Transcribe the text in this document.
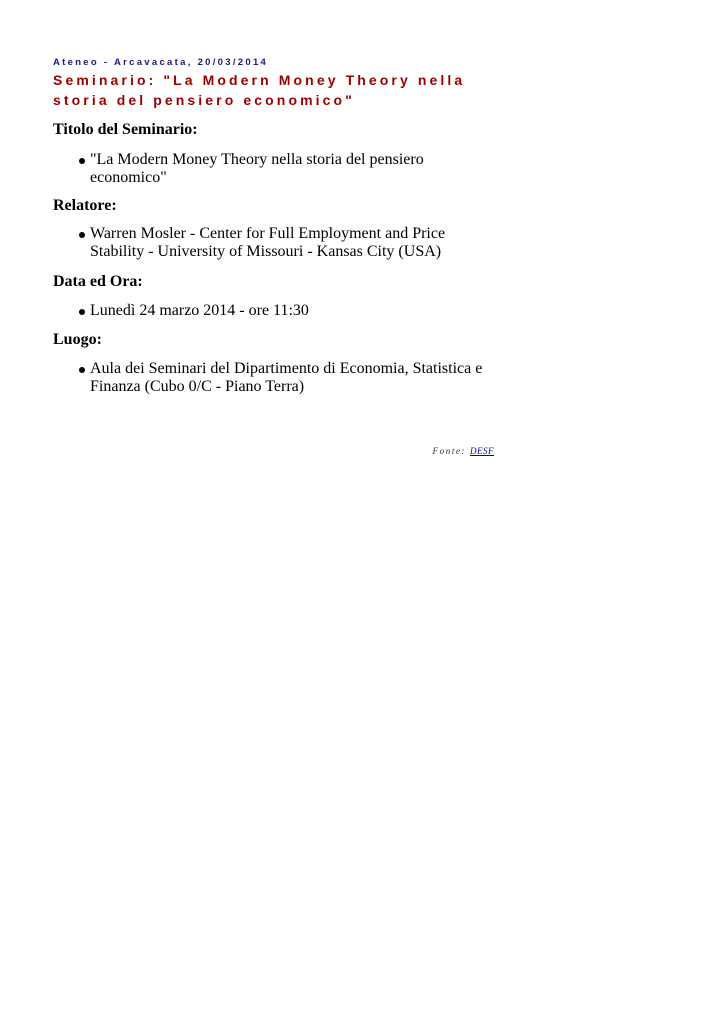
Ateneo - Arcavacata, 20/03/2014
Seminario: "La Modern Money Theory nella storia del pensiero economico"

Titolo del Seminario:

"La Modern Money Theory nella storia del pensiero economico"

Relatore:

Warren Mosler - Center for Full Employment and Price Stability - University of Missouri - Kansas City (USA)

Data ed Ora:

Lunedì 24 marzo 2014 - ore 11:30

Luogo:

Aula dei Seminari del Dipartimento di Economia, Statistica e Finanza (Cubo 0/C - Piano Terra)
Fonte: DESF
